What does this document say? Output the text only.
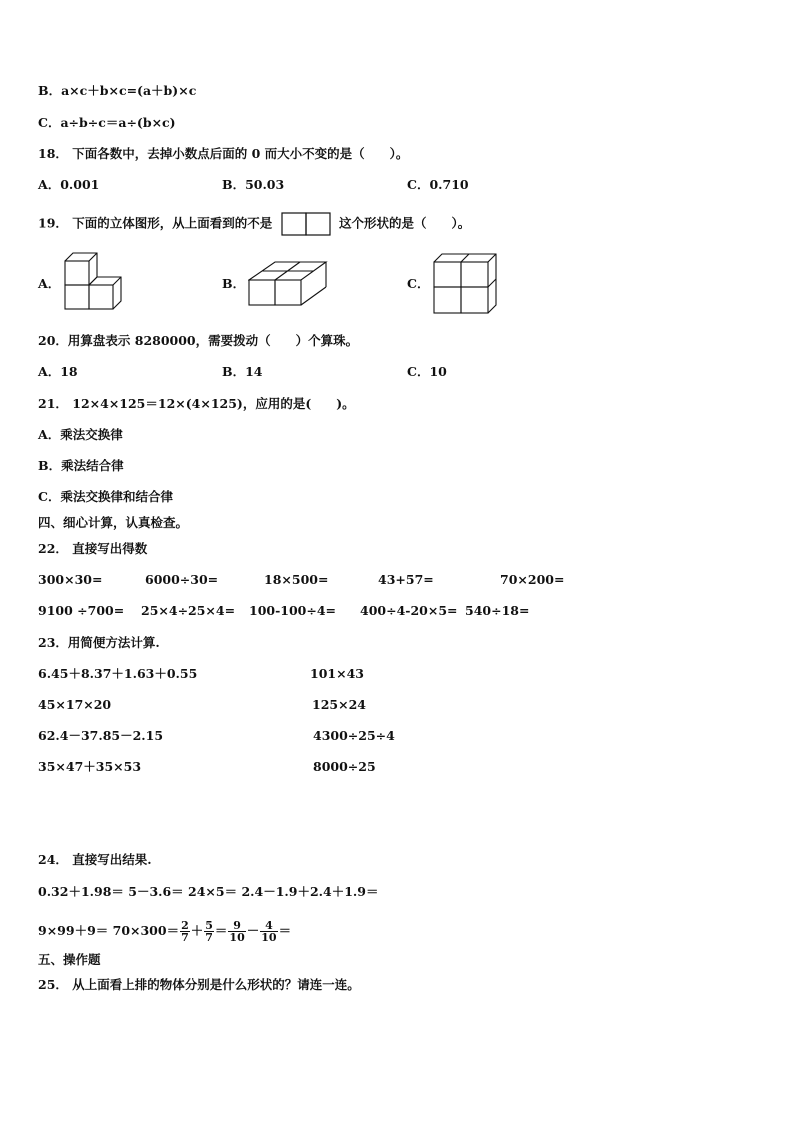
B．a×c＋b×c=(a＋b)×c
C．a÷b÷c＝a÷(b×c)
18． 下面各数中，去掉小数点后面的 0 而大小不变的是（　　）。
A．0.001	B．50.03	C．0.710
19． 下面的立体图形，从上面看到的不是	这个形状的是（　　）。
A．	B．	C．
20．用算盘表示 8280000，需要拨动（　　）个算珠。
A．18	B．14	C．10
21． 12×4×125＝12×(4×125)，应用的是(　　)。
A．乘法交换律
B．乘法结合律
C．乘法交换律和结合律
四、细心计算，认真检查。
22． 直接写出得数
300×30=	6000÷30=	18×500=	43+57=	70×200=
9100 ÷700= 25×4÷25×4= 100-100÷4= 400÷4-20×5= 540÷18=
23．用简便方法计算.
6.45＋8.37＋1.63＋0.55	101×43
45×17×20	125×24
62.4－37.85－2.15	4300÷25÷4
35×47＋35×53	8000÷25
24． 直接写出结果.
0.32＋1.98＝ 5－3.6＝ 24×5＝ 2.4－1.9＋2.4＋1.9＝
$9\times 99+9= 70\times 300= \frac{2}{7} + \frac{5}{7} = \frac{9}{10} - \frac{4}{10}$ ＝
五、操作题
25． 从上面看上排的物体分别是什么形状的？请连一连。
